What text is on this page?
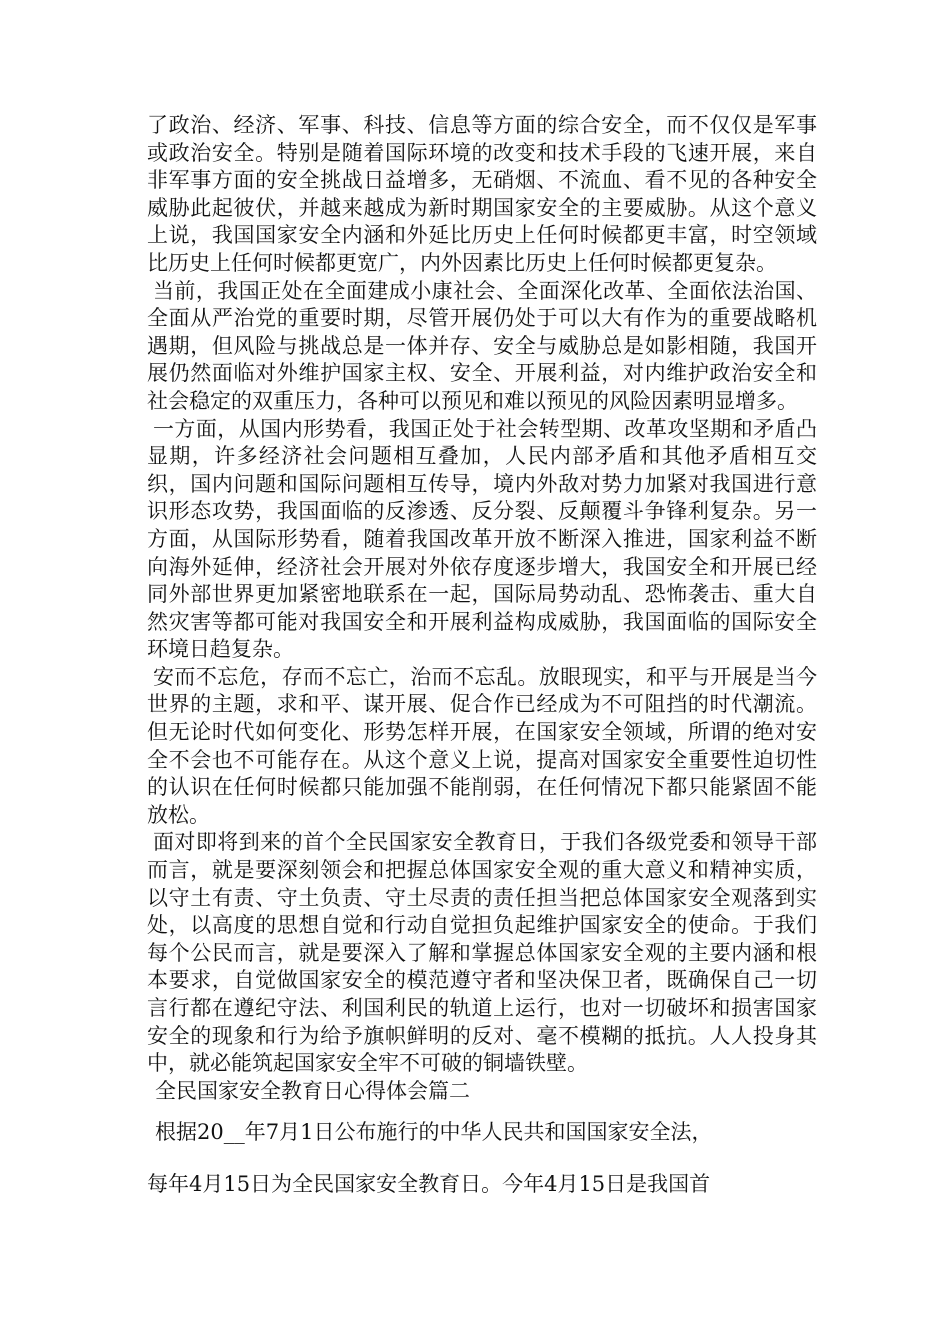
了政治、经济、军事、科技、信息等方面的综合安全，而不仅仅是军事或政治安全。特别是随着国际环境的改变和技术手段的飞速开展，来自非军事方面的安全挑战日益增多，无硝烟、不流血、看不见的各种安全威胁此起彼伏，并越来越成为新时期国家安全的主要威胁。从这个意义上说，我国国家安全内涵和外延比历史上任何时候都更丰富，时空领域比历史上任何时候都更宽广，内外因素比历史上任何时候都更复杂。

当前，我国正处在全面建成小康社会、全面深化改革、全面依法治国、全面从严治党的重要时期，尽管开展仍处于可以大有作为的重要战略机遇期，但风险与挑战总是一体并存、安全与威胁总是如影相随，我国开展仍然面临对外维护国家主权、安全、开展利益，对内维护政治安全和社会稳定的双重压力，各种可以预见和难以预见的风险因素明显增多。

一方面，从国内形势看，我国正处于社会转型期、改革攻坚期和矛盾凸显期，许多经济社会问题相互叠加，人民内部矛盾和其他矛盾相互交织，国内问题和国际问题相互传导，境内外敌对势力加紧对我国进行意识形态攻势，我国面临的反渗透、反分裂、反颠覆斗争锋利复杂。另一方面，从国际形势看，随着我国改革开放不断深入推进，国家利益不断向海外延伸，经济社会开展对外依存度逐步增大，我国安全和开展已经同外部世界更加紧密地联系在一起，国际局势动乱、恐怖袭击、重大自然灾害等都可能对我国安全和开展利益构成威胁，我国面临的国际安全环境日趋复杂。

安而不忘危，存而不忘亡，治而不忘乱。放眼现实，和平与开展是当今世界的主题，求和平、谋开展、促合作已经成为不可阻挡的时代潮流。但无论时代如何变化、形势怎样开展，在国家安全领域，所谓的绝对安全不会也不可能存在。从这个意义上说，提高对国家安全重要性迫切性的认识在任何时候都只能加强不能削弱，在任何情况下都只能紧固不能放松。

面对即将到来的首个全民国家安全教育日，于我们各级党委和领导干部而言，就是要深刻领会和把握总体国家安全观的重大意义和精神实质，以守土有责、守土负责、守土尽责的责任担当把总体国家安全观落到实处，以高度的思想自觉和行动自觉担负起维护国家安全的使命。于我们每个公民而言，就是要深入了解和掌握总体国家安全观的主要内涵和根本要求，自觉做国家安全的模范遵守者和坚决保卫者，既确保自己一切言行都在遵纪守法、利国利民的轨道上运行，也对一切破坏和损害国家安全的现象和行为给予旗帜鲜明的反对、毫不模糊的抵抗。人人投身其中，就必能筑起国家安全牢不可破的铜墙铁壁。

全民国家安全教育日心得体会篇二

根据20__年7月1日公布施行的中华人民共和国国家安全法，

每年4月15日为全民国家安全教育日。今年4月15日是我国首
